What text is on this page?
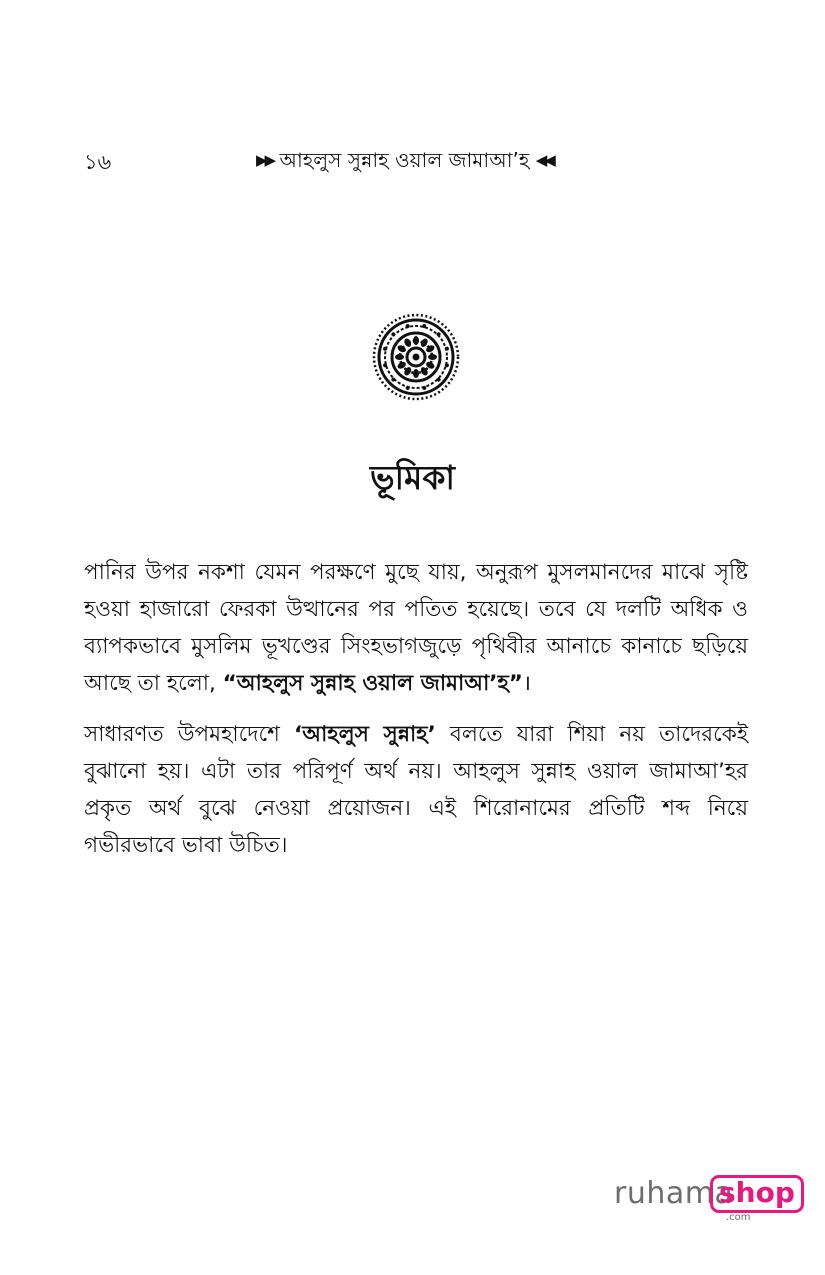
১৬	▶▶ আহলুস সুন্নাহ ওয়াল জামাআ’হ ◀◀
ভূমিকা

পানির উপর নকশা যেমন পরক্ষণে মুছে যায়, অনুরূপ মুসলমানদের মাঝে সৃষ্টি হওয়া হাজারো ফেরকা উত্থানের পর পতিত হয়েছে। তবে যে দলটি অধিক ও ব্যাপকভাবে মুসলিম ভূখণ্ডের সিংহভাগজুড়ে পৃথিবীর আনাচে কানাচে ছড়িয়ে আছে তা হলো, “আহলুস সুন্নাহ ওয়াল জামাআ’হ”।

সাধারণত উপমহাদেশে ‘আহলুস সুন্নাহ’ বলতে যারা শিয়া নয় তাদেরকেই বুঝানো হয়। এটা তার পরিপূর্ণ অর্থ নয়। আহলুস সুন্নাহ ওয়াল জামাআ’হর প্রকৃত অর্থ বুঝে নেওয়া প্রয়োজন। এই শিরোনামের প্রতিটি শব্দ নিয়ে গভীরভাবে ভাবা উচিত।

ruhama
shop
.com
